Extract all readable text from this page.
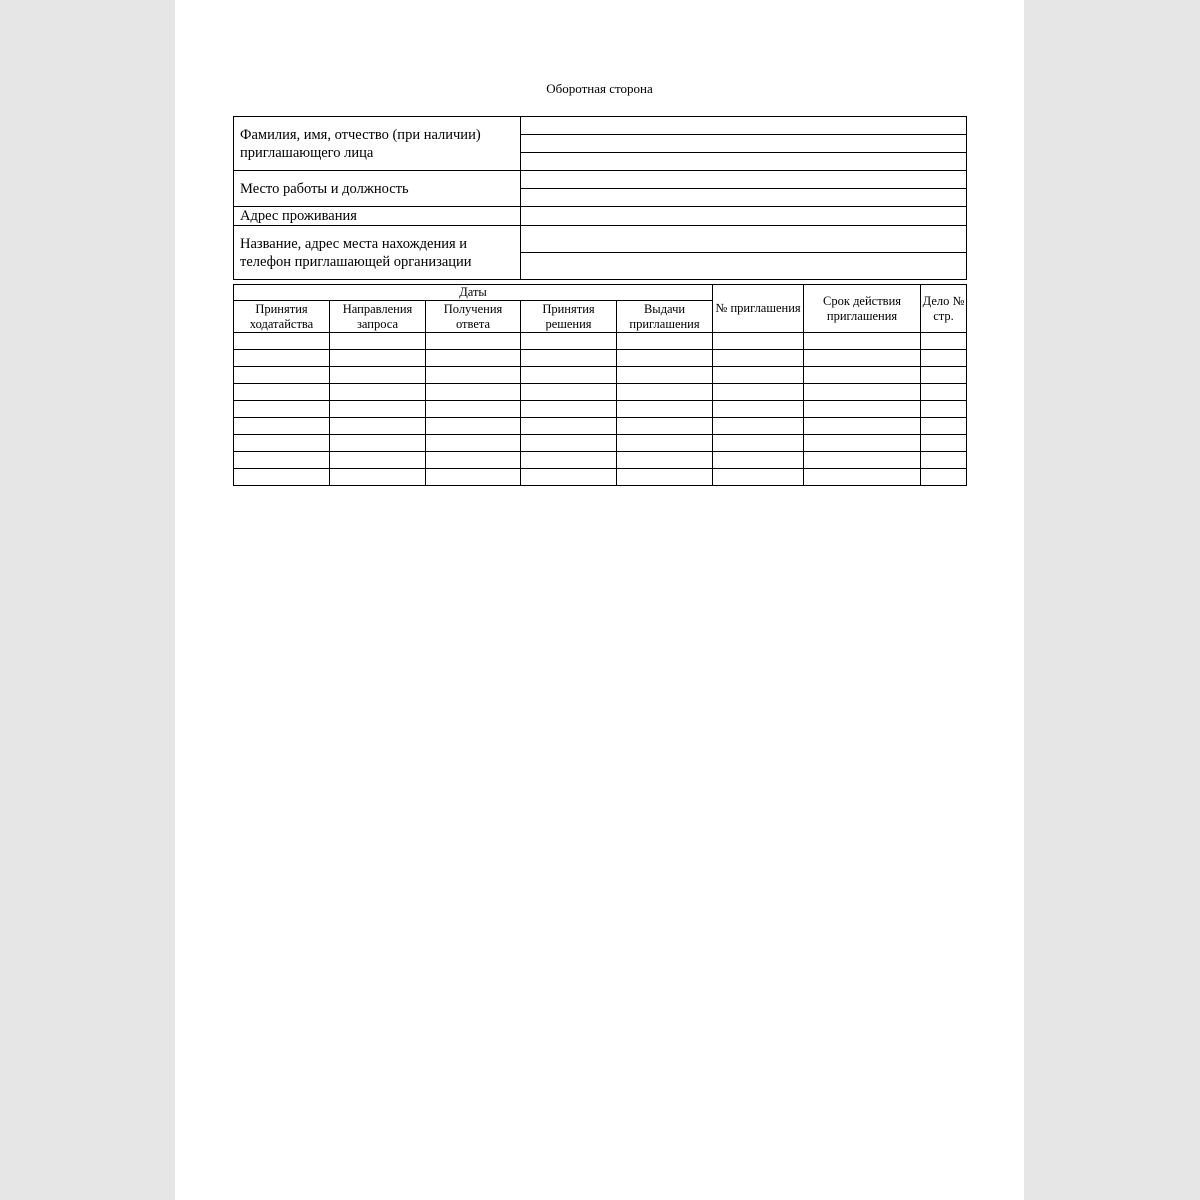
Оборотная сторона
Фамилия, имя, отчество (при наличии) приглашающего лица	

Место работы и должность	

Адрес проживания	
Название, адрес места нахождения и телефон приглашающей организации	

Даты					№ приглашения	Срок действия приглашения	Дело № стр.
Принятия ходатайства	Направления запроса	Получения ответа	Принятия решения	Выдачи приглашения			
